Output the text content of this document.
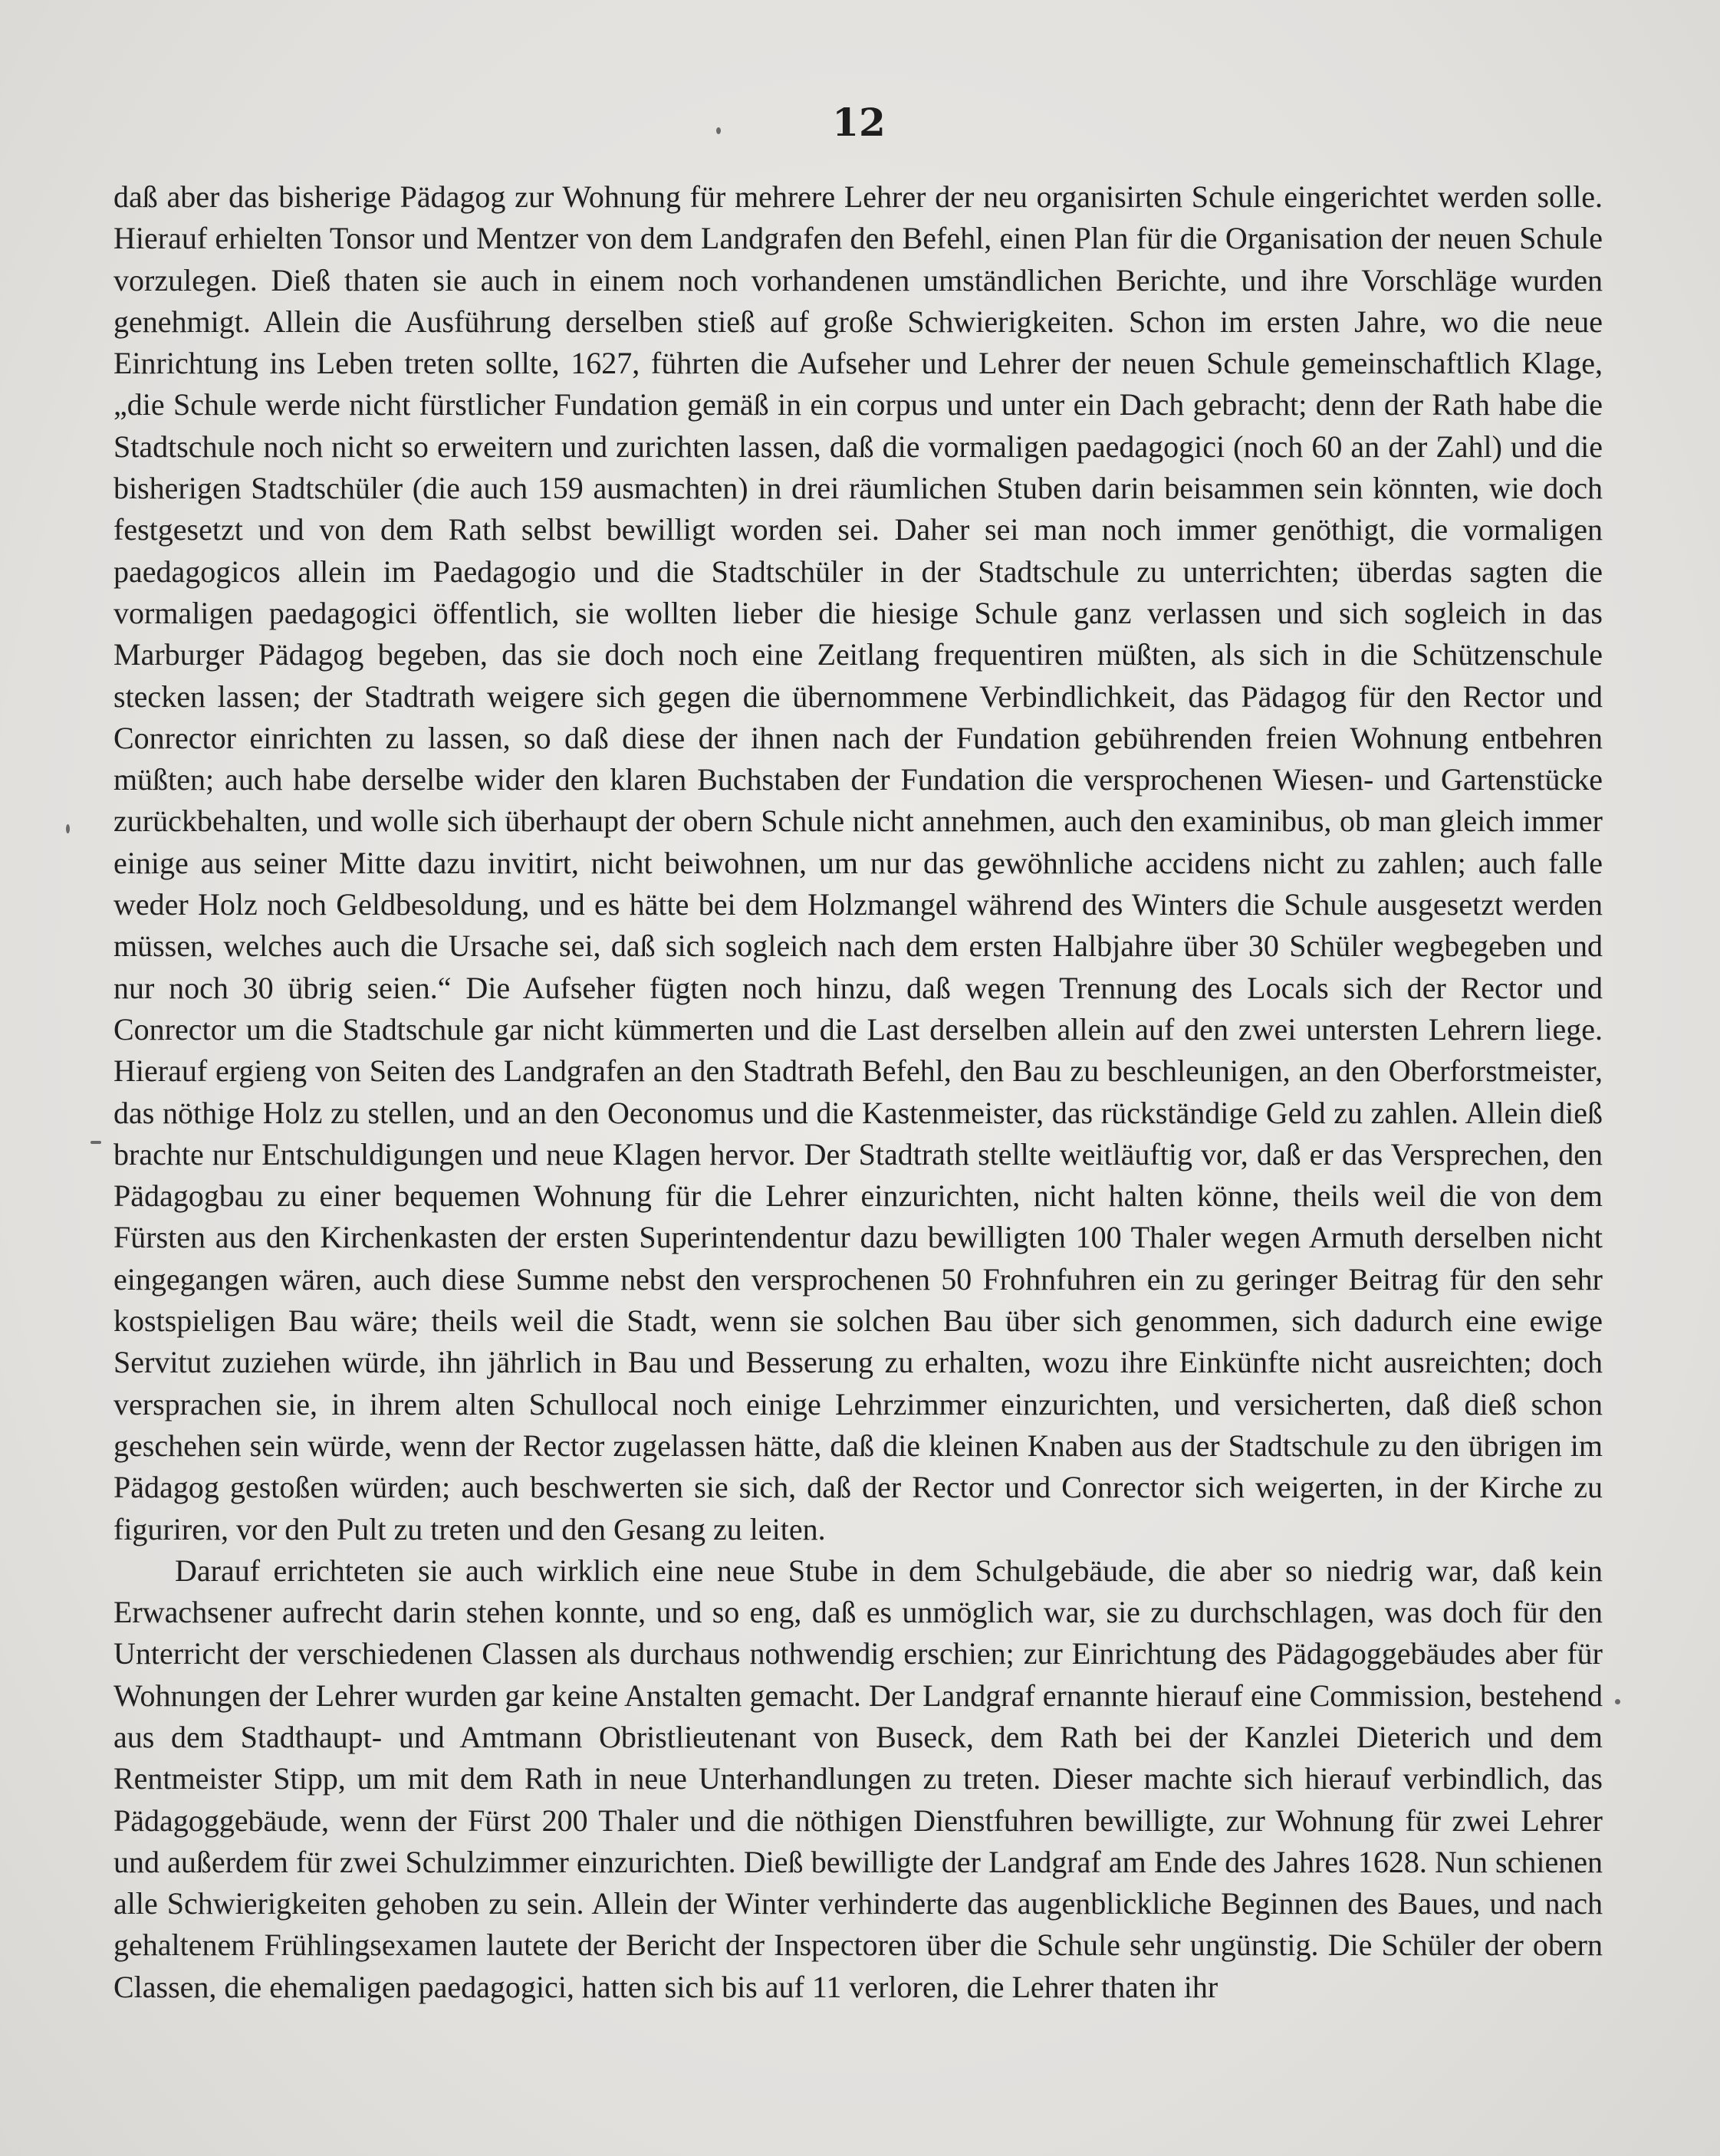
12

daß aber das bisherige Pädagog zur Wohnung für mehrere Lehrer der neu organisirten Schule eingerichtet werden solle. Hierauf erhielten Tonsor und Mentzer von dem Landgrafen den Befehl, einen Plan für die Organisation der neuen Schule vorzulegen. Dieß thaten sie auch in einem noch vorhandenen umständlichen Berichte, und ihre Vorschläge wurden genehmigt. Allein die Ausführung derselben stieß auf große Schwierigkeiten. Schon im ersten Jahre, wo die neue Einrichtung ins Leben treten sollte, 1627, führten die Aufseher und Lehrer der neuen Schule gemeinschaftlich Klage, „die Schule werde nicht fürstlicher Fundation gemäß in ein corpus und unter ein Dach gebracht; denn der Rath habe die Stadtschule noch nicht so erweitern und zurichten lassen, daß die vormaligen paedagogici (noch 60 an der Zahl) und die bisherigen Stadtschüler (die auch 159 ausmachten) in drei räumlichen Stuben darin beisammen sein könnten, wie doch festgesetzt und von dem Rath selbst bewilligt worden sei. Daher sei man noch immer genöthigt, die vormaligen paedagogicos allein im Paedagogio und die Stadtschüler in der Stadtschule zu unterrichten; überdas sagten die vormaligen paedagogici öffentlich, sie wollten lieber die hiesige Schule ganz verlassen und sich sogleich in das Marburger Pädagog begeben, das sie doch noch eine Zeitlang frequentiren müßten, als sich in die Schützenschule stecken lassen; der Stadtrath weigere sich gegen die übernommene Verbindlichkeit, das Pädagog für den Rector und Conrector einrichten zu lassen, so daß diese der ihnen nach der Fundation gebührenden freien Wohnung entbehren müßten; auch habe derselbe wider den klaren Buchstaben der Fundation die versprochenen Wiesen- und Gartenstücke zurückbehalten, und wolle sich überhaupt der obern Schule nicht annehmen, auch den examinibus, ob man gleich immer einige aus seiner Mitte dazu invitirt, nicht beiwohnen, um nur das gewöhnliche accidens nicht zu zahlen; auch falle weder Holz noch Geldbesoldung, und es hätte bei dem Holzmangel während des Winters die Schule ausgesetzt werden müssen, welches auch die Ursache sei, daß sich sogleich nach dem ersten Halbjahre über 30 Schüler wegbegeben und nur noch 30 übrig seien.“ Die Aufseher fügten noch hinzu, daß wegen Trennung des Locals sich der Rector und Conrector um die Stadtschule gar nicht kümmerten und die Last derselben allein auf den zwei untersten Lehrern liege. Hierauf ergieng von Seiten des Landgrafen an den Stadtrath Befehl, den Bau zu beschleunigen, an den Oberforstmeister, das nöthige Holz zu stellen, und an den Oeconomus und die Kastenmeister, das rückständige Geld zu zahlen. Allein dieß brachte nur Entschuldigungen und neue Klagen hervor. Der Stadtrath stellte weitläuftig vor, daß er das Versprechen, den Pädagogbau zu einer bequemen Wohnung für die Lehrer einzurichten, nicht halten könne, theils weil die von dem Fürsten aus den Kirchenkasten der ersten Superintendentur dazu bewilligten 100 Thaler wegen Armuth derselben nicht eingegangen wären, auch diese Summe nebst den versprochenen 50 Frohnfuhren ein zu geringer Beitrag für den sehr kostspieligen Bau wäre; theils weil die Stadt, wenn sie solchen Bau über sich genommen, sich dadurch eine ewige Servitut zuziehen würde, ihn jährlich in Bau und Besserung zu erhalten, wozu ihre Einkünfte nicht ausreichten; doch versprachen sie, in ihrem alten Schullocal noch einige Lehrzimmer einzurichten, und versicherten, daß dieß schon geschehen sein würde, wenn der Rector zugelassen hätte, daß die kleinen Knaben aus der Stadtschule zu den übrigen im Pädagog gestoßen würden; auch beschwerten sie sich, daß der Rector und Conrector sich weigerten, in der Kirche zu figuriren, vor den Pult zu treten und den Gesang zu leiten.

Darauf errichteten sie auch wirklich eine neue Stube in dem Schulgebäude, die aber so niedrig war, daß kein Erwachsener aufrecht darin stehen konnte, und so eng, daß es unmöglich war, sie zu durchschlagen, was doch für den Unterricht der verschiedenen Classen als durchaus nothwendig erschien; zur Einrichtung des Pädagoggebäudes aber für Wohnungen der Lehrer wurden gar keine Anstalten gemacht. Der Landgraf ernannte hierauf eine Commission, bestehend aus dem Stadthaupt- und Amtmann Obristlieutenant von Buseck, dem Rath bei der Kanzlei Dieterich und dem Rentmeister Stipp, um mit dem Rath in neue Unterhandlungen zu treten. Dieser machte sich hierauf verbindlich, das Pädagoggebäude, wenn der Fürst 200 Thaler und die nöthigen Dienstfuhren bewilligte, zur Wohnung für zwei Lehrer und außerdem für zwei Schulzimmer einzurichten. Dieß bewilligte der Landgraf am Ende des Jahres 1628. Nun schienen alle Schwierigkeiten gehoben zu sein. Allein der Winter verhinderte das augenblickliche Beginnen des Baues, und nach gehaltenem Frühlingsexamen lautete der Bericht der Inspectoren über die Schule sehr ungünstig. Die Schüler der obern Classen, die ehemaligen paedagogici, hatten sich bis auf 11 verloren, die Lehrer thaten ihr
